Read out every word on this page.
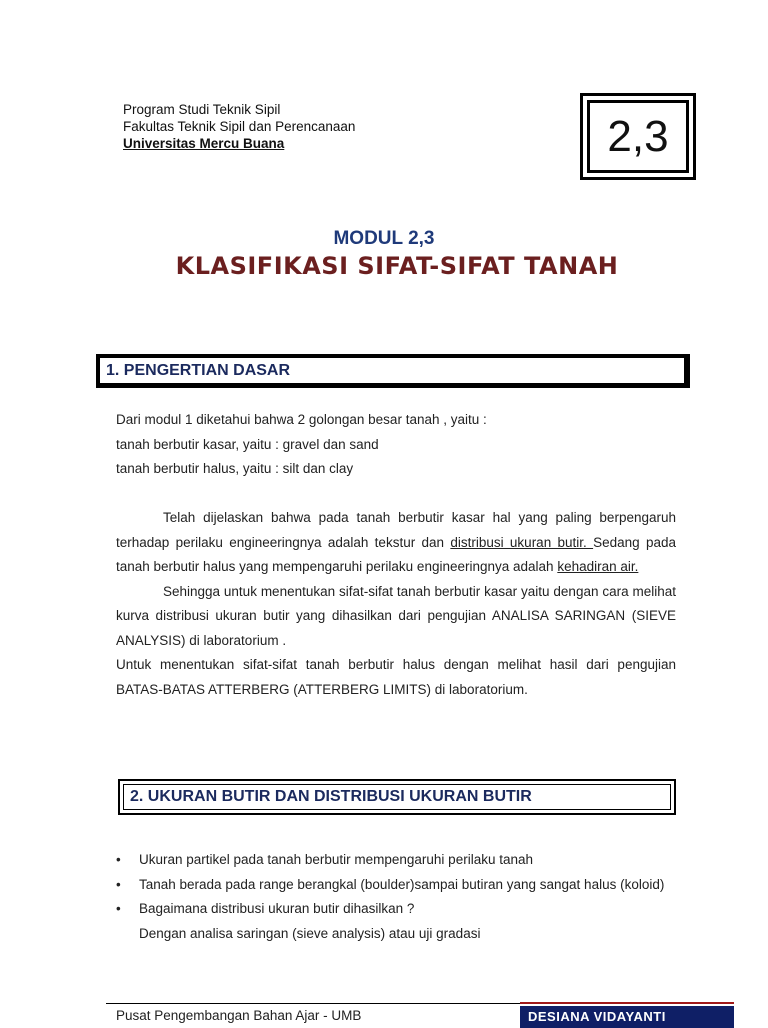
Program Studi Teknik Sipil
Fakultas Teknik Sipil dan Perencanaan
Universitas Mercu Buana	2,3
MODUL 2,3
KLASIFIKASI SIFAT-SIFAT TANAH
1. PENGERTIAN DASAR
Dari modul 1 diketahui bahwa 2 golongan besar tanah , yaitu :
tanah berbutir kasar, yaitu : gravel dan sand
tanah berbutir halus, yaitu : silt dan clay

Telah dijelaskan bahwa pada tanah berbutir kasar hal yang paling berpengaruh terhadap perilaku engineeringnya adalah tekstur dan distribusi ukuran butir. Sedang pada tanah berbutir halus yang mempengaruhi perilaku engineeringnya adalah kehadiran air.

Sehingga untuk menentukan sifat-sifat tanah berbutir kasar yaitu dengan cara melihat kurva distribusi ukuran butir yang dihasilkan dari pengujian ANALISA SARINGAN (SIEVE ANALYSIS) di laboratorium .

Untuk menentukan sifat-sifat tanah berbutir halus dengan melihat hasil dari pengujian BATAS-BATAS ATTERBERG (ATTERBERG LIMITS) di laboratorium.

2. UKURAN BUTIR DAN DISTRIBUSI UKURAN BUTIR
• Ukuran partikel pada tanah berbutir mempengaruhi perilaku tanah
• Tanah berada pada range berangkal (boulder)sampai butiran yang sangat halus (koloid)
• Bagaimana distribusi ukuran butir dihasilkan ?
Dengan analisa saringan (sieve analysis) atau uji gradasi
Pusat Pengembangan Bahan Ajar - UMB	DESIANA VIDAYANTI
